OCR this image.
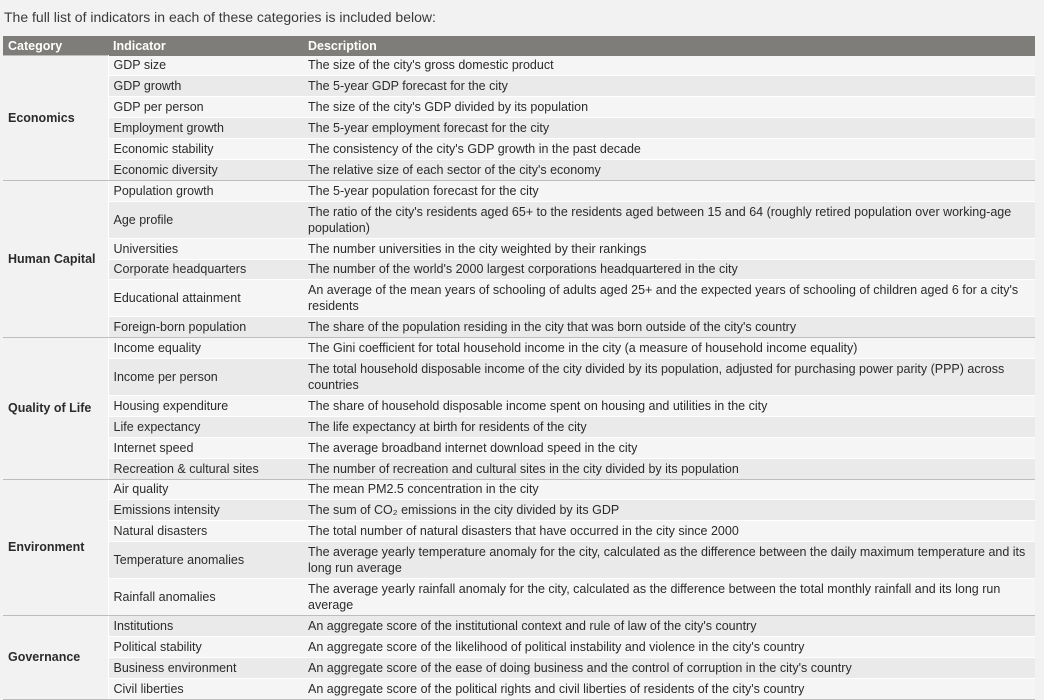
The full list of indicators in each of these categories is included below:

Category	Indicator	Description
Economics	GDP size	The size of the city's gross domestic product
	GDP growth	The 5-year GDP forecast for the city
	GDP per person	The size of the city's GDP divided by its population
	Employment growth	The 5-year employment forecast for the city
	Economic stability	The consistency of the city's GDP growth in the past decade
	Economic diversity	The relative size of each sector of the city's economy
Human Capital	Population growth	The 5-year population forecast for the city
	Age profile	The ratio of the city's residents aged 65+ to the residents aged between 15 and 64 (roughly retired population over working-age population)
	Universities	The number universities in the city weighted by their rankings
	Corporate headquarters	The number of the world's 2000 largest corporations headquartered in the city
	Educational attainment	An average of the mean years of schooling of adults aged 25+ and the expected years of schooling of children aged 6 for a city's residents
	Foreign-born population	The share of the population residing in the city that was born outside of the city's country
Quality of Life	Income equality	The Gini coefficient for total household income in the city (a measure of household income equality)
	Income per person	The total household disposable income of the city divided by its population, adjusted for purchasing power parity (PPP) across countries
	Housing expenditure	The share of household disposable income spent on housing and utilities in the city
	Life expectancy	The life expectancy at birth for residents of the city
	Internet speed	The average broadband internet download speed in the city
	Recreation & cultural sites	The number of recreation and cultural sites in the city divided by its population
Environment	Air quality	The mean PM2.5 concentration in the city
	Emissions intensity	The sum of CO₂ emissions in the city divided by its GDP
	Natural disasters	The total number of natural disasters that have occurred in the city since 2000
	Temperature anomalies	The average yearly temperature anomaly for the city, calculated as the difference between the daily maximum temperature and its long run average
	Rainfall anomalies	The average yearly rainfall anomaly for the city, calculated as the difference between the total monthly rainfall and its long run average
Governance	Institutions	An aggregate score of the institutional context and rule of law of the city's country
	Political stability	An aggregate score of the likelihood of political instability and violence in the city's country
	Business environment	An aggregate score of the ease of doing business and the control of corruption in the city's country
	Civil liberties	An aggregate score of the political rights and civil liberties of residents of the city's country
